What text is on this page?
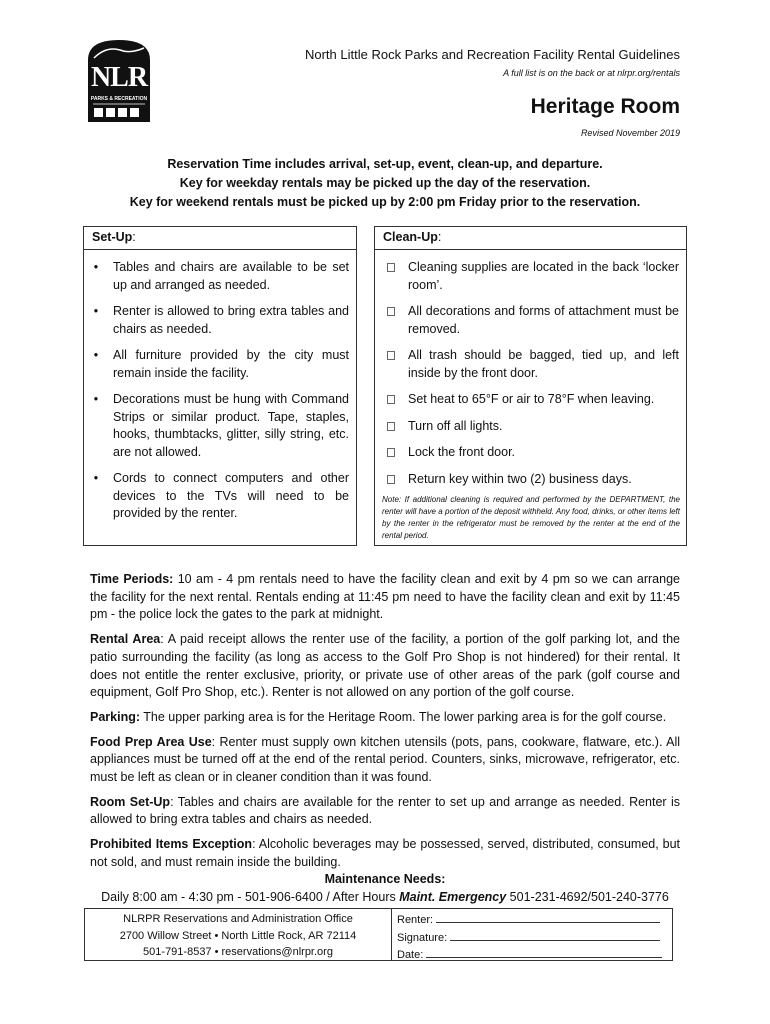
NLR
PARKS & RECREATION
North Little Rock Parks and Recreation Facility Rental Guidelines
A full list is on the back or at nlrpr.org/rentals
Heritage Room
Revised November 2019
Reservation Time includes arrival, set-up, event, clean-up, and departure.
Key for weekday rentals may be picked up the day of the reservation.
Key for weekend rentals must be picked up by 2:00 pm Friday prior to the reservation.
Set-Up:
•	Tables and chairs are available to be set up and arranged as needed.
•	Renter is allowed to bring extra tables and chairs as needed.
•	All furniture provided by the city must remain inside the facility.
•	Decorations must be hung with Command Strips or similar product. Tape, staples, hooks, thumbtacks, glitter, silly string, etc. are not allowed.
•	Cords to connect computers and other devices to the TVs will need to be provided by the renter.
Clean-Up:
Cleaning supplies are located in the back ‘locker room’.
All decorations and forms of attachment must be removed.
All trash should be bagged, tied up, and left inside by the front door.
Set heat to 65°F or air to 78°F when leaving.
Turn off all lights.
Lock the front door.
Return key within two (2) business days.
Note: If additional cleaning is required and performed by the DEPARTMENT, the renter will have a portion of the deposit withheld. Any food, drinks, or other items left by the renter in the refrigerator must be removed by the renter at the end of the rental period.

Time Periods: 10 am - 4 pm rentals need to have the facility clean and exit by 4 pm so we can arrange the facility for the next rental. Rentals ending at 11:45 pm need to have the facility clean and exit by 11:45 pm - the police lock the gates to the park at midnight.

Rental Area: A paid receipt allows the renter use of the facility, a portion of the golf parking lot, and the patio surrounding the facility (as long as access to the Golf Pro Shop is not hindered) for their rental. It does not entitle the renter exclusive, priority, or private use of other areas of the park (golf course and equipment, Golf Pro Shop, etc.). Renter is not allowed on any portion of the golf course.

Parking: The upper parking area is for the Heritage Room. The lower parking area is for the golf course.

Food Prep Area Use: Renter must supply own kitchen utensils (pots, pans, cookware, flatware, etc.). All appliances must be turned off at the end of the rental period. Counters, sinks, microwave, refrigerator, etc. must be left as clean or in cleaner condition than it was found.

Room Set-Up: Tables and chairs are available for the renter to set up and arrange as needed. Renter is allowed to bring extra tables and chairs as needed.

Prohibited Items Exception: Alcoholic beverages may be possessed, served, distributed, consumed, but not sold, and must remain inside the building.

Maintenance Needs:
Daily 8:00 am - 4:30 pm - 501-906-6400 / After Hours Maint. Emergency 501-231-4692/501-240-3776
NLRPR Reservations and Administration Office
2700 Willow Street • North Little Rock, AR 72114
501-791-8537 • reservations@nlrpr.org
Renter:
Signature:
Date:
